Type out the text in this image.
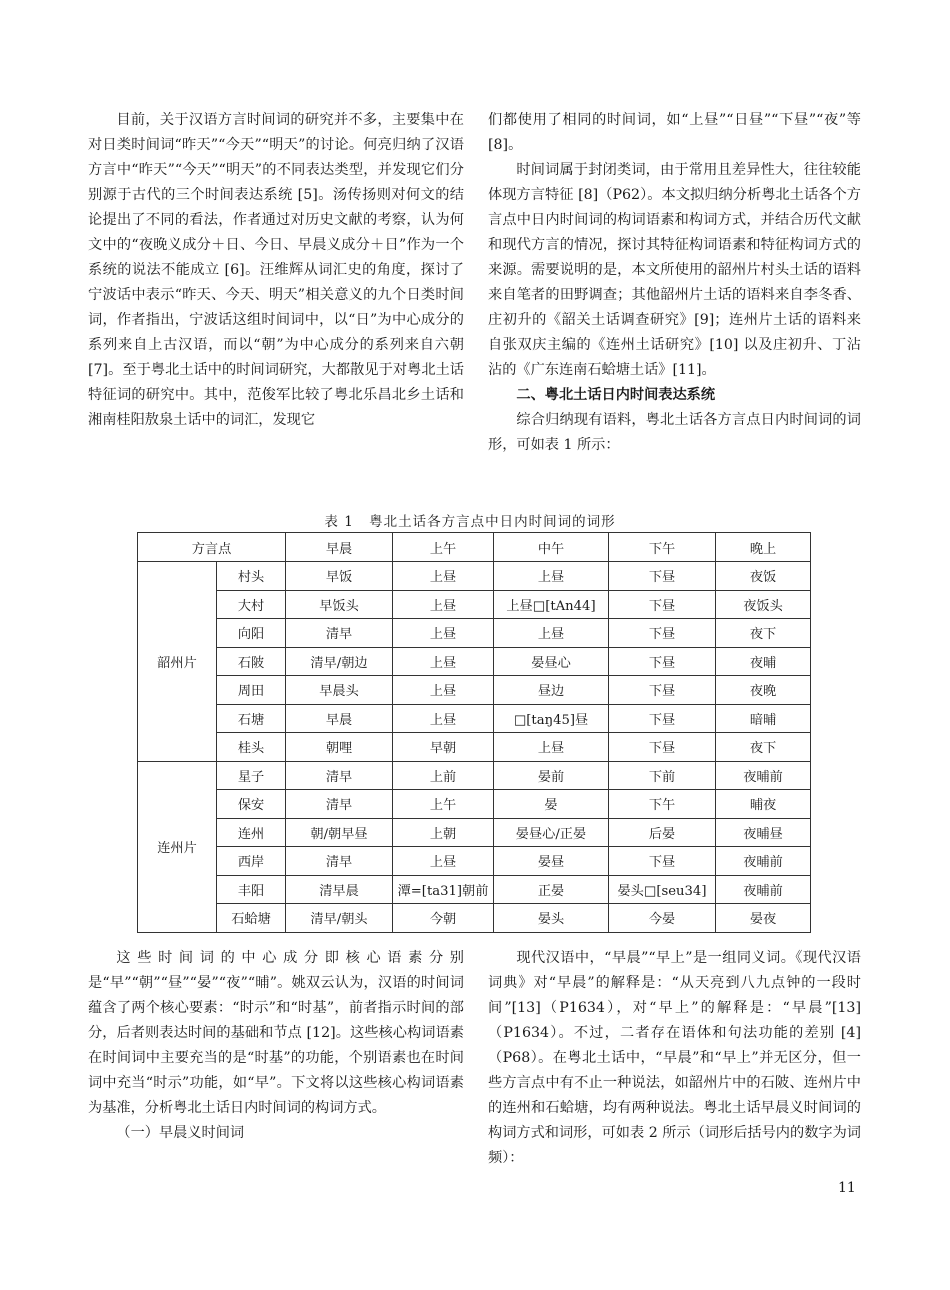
目前，关于汉语方言时间词的研究并不多，主要集中在对日类时间词“昨天”“今天”“明天”的讨论。何亮归纳了汉语方言中“昨天”“今天”“明天”的不同表达类型，并发现它们分别源于古代的三个时间表达系统 [5]。汤传扬则对何文的结论提出了不同的看法，作者通过对历史文献的考察，认为何文中的“夜晚义成分＋日、今日、早晨义成分＋日”作为一个系统的说法不能成立 [6]。汪维辉从词汇史的角度，探讨了宁波话中表示“昨天、今天、明天”相关意义的九个日类时间词，作者指出，宁波话这组时间词中，以“日”为中心成分的系列来自上古汉语，而以“朝”为中心成分的系列来自六朝 [7]。至于粤北土话中的时间词研究，大都散见于对粤北土话特征词的研究中。其中，范俊军比较了粤北乐昌北乡土话和湘南桂阳敖泉土话中的词汇，发现它

们都使用了相同的时间词，如“上昼”“日昼”“下昼”“夜”等 [8]。

时间词属于封闭类词，由于常用且差异性大，往往较能体现方言特征 [8]（P62）。本文拟归纳分析粤北土话各个方言点中日内时间词的构词语素和构词方式，并结合历代文献和现代方言的情况，探讨其特征构词语素和特征构词方式的来源。需要说明的是，本文所使用的韶州片村头土话的语料来自笔者的田野调查；其他韶州片土话的语料来自李冬香、庄初升的《韶关土话调查研究》[9]；连州片土话的语料来自张双庆主编的《连州土话研究》[10] 以及庄初升、丁沾沾的《广东连南石蛤塘土话》[11]。

二、粤北土话日内时间表达系统

综合归纳现有语料，粤北土话各方言点日内时间词的词形，可如表 1 所示：

表 1 粤北土话各方言点中日内时间词的词形
方言点		早晨	上午	中午	下午	晚上
韶州片	村头	早饭	上昼	上昼	下昼	夜饭
	大村	早饭头	上昼	上昼□[tAn44]	下昼	夜饭头
	向阳	清早	上昼	上昼	下昼	夜下
	石陂	清早/朝边	上昼	晏昼心	下昼	夜晡
	周田	早晨头	上昼	昼边	下昼	夜晚
	石塘	早晨	上昼	□[taŋ45]昼	下昼	暗晡
	桂头	朝哩	早朝	上昼	下昼	夜下
连州片	星子	清早	上前	晏前	下前	夜晡前
	保安	清早	上午	晏	下午	晡夜
	连州	朝/朝早昼	上朝	晏昼心/正晏	后晏	夜晡昼
	西岸	清早	上昼	晏昼	下昼	夜晡前
	丰阳	清早晨	潭=[ta31]朝前	正晏	晏头□[seu34]	夜晡前
	石蛤塘	清早/朝头	今朝	晏头	今晏	晏夜

这些时间词的中心成分即核心语素分别是“早”“朝”“昼”“晏”“夜”“晡”。姚双云认为，汉语的时间词蕴含了两个核心要素：“时示”和“时基”，前者指示时间的部分，后者则表达时间的基础和节点 [12]。这些核心构词语素在时间词中主要充当的是“时基”的功能，个别语素也在时间词中充当“时示”功能，如“早”。下文将以这些核心构词语素为基准，分析粤北土话日内时间词的构词方式。

（一）早晨义时间词

现代汉语中，“早晨”“早上”是一组同义词。《现代汉语词典》对“早晨”的解释是：“从天亮到八九点钟的一段时间”[13]（P1634），对“早上”的解释是：“早晨”[13]（P1634）。不过，二者存在语体和句法功能的差别 [4]（P68）。在粤北土话中，“早晨”和“早上”并无区分，但一些方言点中有不止一种说法，如韶州片中的石陂、连州片中的连州和石蛤塘，均有两种说法。粤北土话早晨义时间词的构词方式和词形，可如表 2 所示（词形后括号内的数字为词频）：

11
